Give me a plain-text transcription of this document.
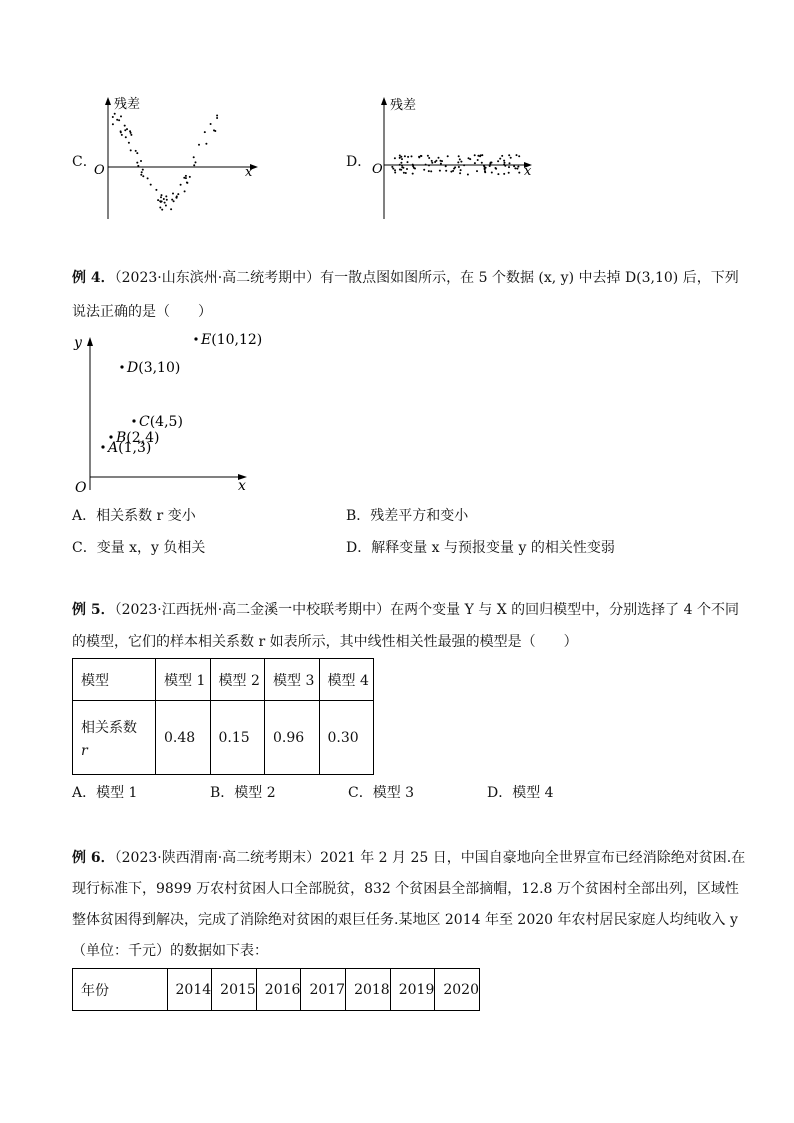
C．
残差
O	x
D．
残差
O	x
例 4．（2023·山东滨州·高二统考期中）有一散点图如图所示，在 5 个数据 (x, y) 中去掉 D(3,10) 后，下列
说法正确的是（　　）
y
O	x
A(1,3)
B(2,4)
C(4,5)
D(3,10)
E(10,12)
A．相关系数 r 变小	B．残差平方和变小
C．变量 x，y 负相关	D．解释变量 x 与预报变量 y 的相关性变弱
例 5．（2023·江西抚州·高二金溪一中校联考期中）在两个变量 Y 与 X 的回归模型中，分别选择了 4 个不同
的模型，它们的样本相关系数 r 如表所示，其中线性相关性最强的模型是（　　）
模型	模型 1	模型 2	模型 3	模型 4

相关系数
r	0.48	0.15	0.96	0.30
A．模型 1	B．模型 2	C．模型 3	D．模型 4
例 6．（2023·陕西渭南·高二统考期末）2021 年 2 月 25 日，中国自豪地向全世界宣布已经消除绝对贫困.在
现行标准下，9899 万农村贫困人口全部脱贫，832 个贫困县全部摘帽，12.8 万个贫困村全部出列，区域性
整体贫困得到解决，完成了消除绝对贫困的艰巨任务.某地区 2014 年至 2020 年农村居民家庭人均纯收入 y
（单位：千元）的数据如下表：
年份	2014	2015	2016	2017	2018	2019	2020
